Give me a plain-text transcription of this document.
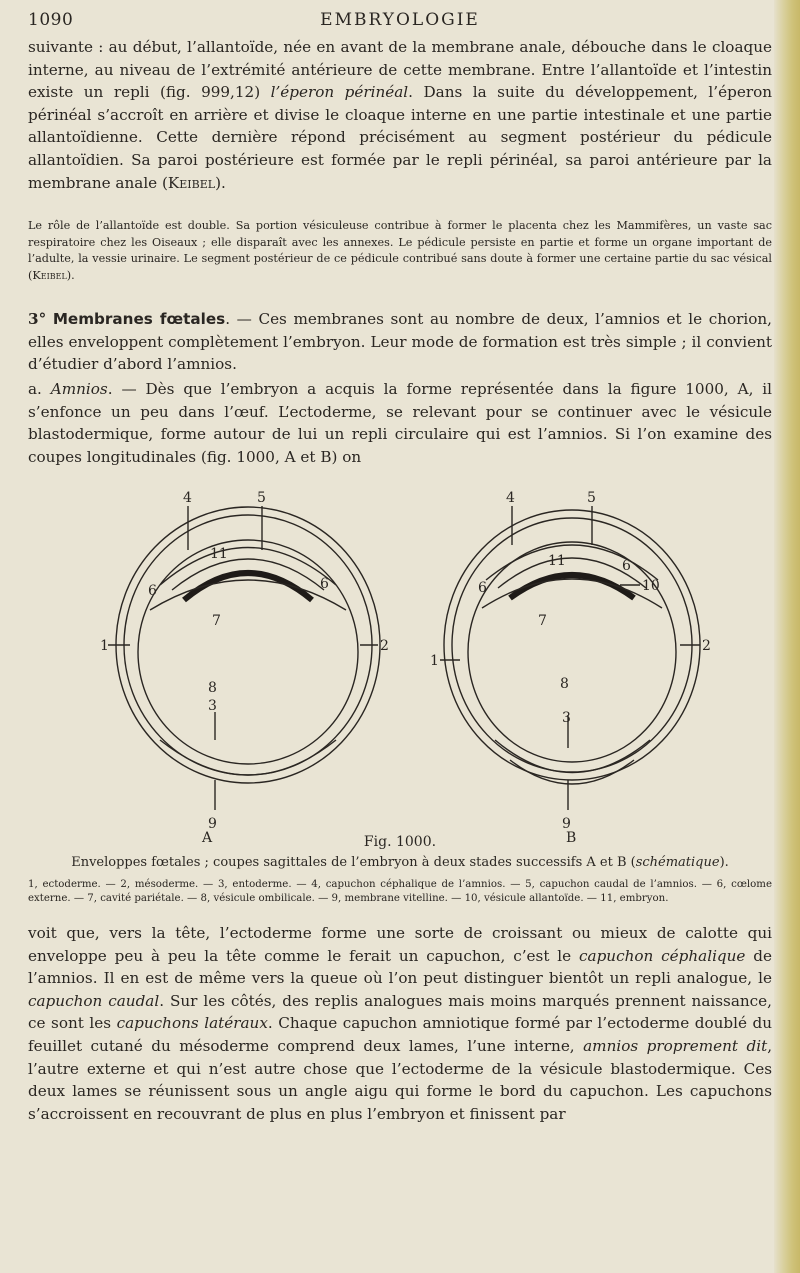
1090	EMBRYOLOGIE

suivante : au début, l’allantoïde, née en avant de la membrane anale, débouche dans le cloaque interne, au niveau de l’extrémité antérieure de cette membrane. Entre l’allantoïde et l’intestin existe un repli (fig. 999,12) l’éperon périnéal. Dans la suite du développement, l’éperon périnéal s’accroît en arrière et divise le cloaque interne en une partie intestinale et une partie allantoïdienne. Cette dernière répond précisément au segment postérieur du pédicule allantoïdien. Sa paroi postérieure est formée par le repli périnéal, sa paroi antérieure par la membrane anale (Keibel).

Le rôle de l’allantoïde est double. Sa portion vésiculeuse contribue à former le placenta chez les Mammifères, un vaste sac respiratoire chez les Oiseaux ; elle disparaît avec les annexes. Le pédicule persiste en partie et forme un organe important de l’adulte, la vessie urinaire. Le segment postérieur de ce pédicule contribué sans doute à former une certaine partie du sac vésical (Keibel).

3° Membranes fœtales. — Ces membranes sont au nombre de deux, l’amnios et le chorion, elles enveloppent complètement l’embryon. Leur mode de formation est très simple ; il convient d’étudier d’abord l’amnios.

a. Amnios. — Dès que l’embryon a acquis la forme représentée dans la figure 1000, A, il s’enfonce un peu dans l’œuf. L’ectoderme, se relevant pour se continuer avec le vésicule blastodermique, forme autour de lui un repli circulaire qui est l’amnios. Si l’on examine des coupes longitudinales (fig. 1000, A et B) on

4	5
11
6	6
7
2
1
8
3
9
4	5
11	6
10
6
7
2
1
8
3
9
A	B
Fig. 1000.
Enveloppes fœtales ; coupes sagittales de l’embryon à deux stades successifs A et B (schématique).

1, ectoderme. — 2, mésoderme. — 3, entoderme. — 4, capuchon céphalique de l’amnios. — 5, capuchon caudal de l’amnios. — 6, cœlome externe. — 7, cavité pariétale. — 8, vésicule ombilicale. — 9, membrane vitelline. — 10, vésicule allantoïde. — 11, embryon.

voit que, vers la tête, l’ectoderme forme une sorte de croissant ou mieux de calotte qui enveloppe peu à peu la tête comme le ferait un capuchon, c’est le capuchon céphalique de l’amnios. Il en est de même vers la queue où l’on peut distinguer bientôt un repli analogue, le capuchon caudal. Sur les côtés, des replis analogues mais moins marqués prennent naissance, ce sont les capuchons latéraux. Chaque capuchon amniotique formé par l’ectoderme doublé du feuillet cutané du mésoderme comprend deux lames, l’une interne, amnios proprement dit, l’autre externe et qui n’est autre chose que l’ectoderme de la vésicule blastodermique. Ces deux lames se réunissent sous un angle aigu qui forme le bord du capuchon. Les capuchons s’accroissent en recouvrant de plus en plus l’embryon et finissent par
